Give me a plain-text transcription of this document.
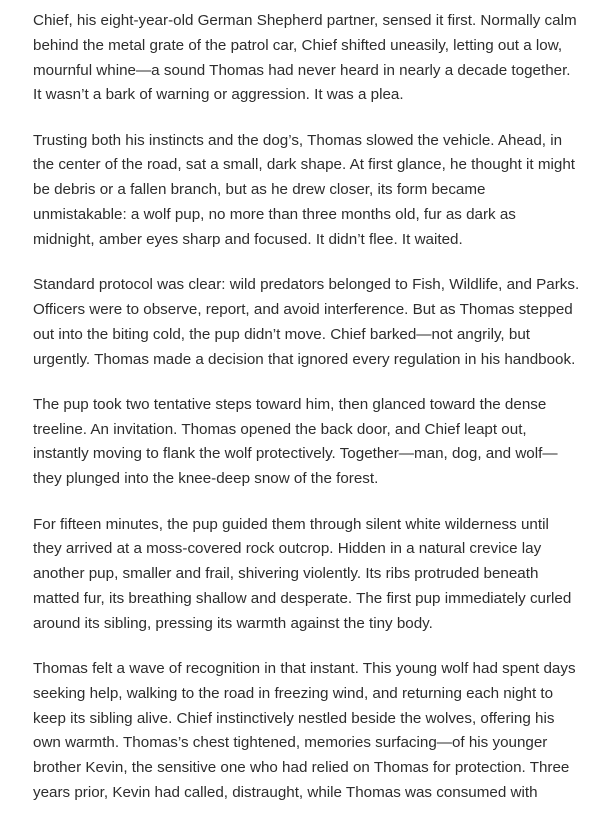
Chief, his eight-year-old German Shepherd partner, sensed it first. Normally calm behind the metal grate of the patrol car, Chief shifted uneasily, letting out a low, mournful whine—a sound Thomas had never heard in nearly a decade together. It wasn’t a bark of warning or aggression. It was a plea.

Trusting both his instincts and the dog’s, Thomas slowed the vehicle. Ahead, in the center of the road, sat a small, dark shape. At first glance, he thought it might be debris or a fallen branch, but as he drew closer, its form became unmistakable: a wolf pup, no more than three months old, fur as dark as midnight, amber eyes sharp and focused. It didn’t flee. It waited.

Standard protocol was clear: wild predators belonged to Fish, Wildlife, and Parks. Officers were to observe, report, and avoid interference. But as Thomas stepped out into the biting cold, the pup didn’t move. Chief barked—not angrily, but urgently. Thomas made a decision that ignored every regulation in his handbook.

The pup took two tentative steps toward him, then glanced toward the dense treeline. An invitation. Thomas opened the back door, and Chief leapt out, instantly moving to flank the wolf protectively. Together—man, dog, and wolf—they plunged into the knee-deep snow of the forest.

For fifteen minutes, the pup guided them through silent white wilderness until they arrived at a moss-covered rock outcrop. Hidden in a natural crevice lay another pup, smaller and frail, shivering violently. Its ribs protruded beneath matted fur, its breathing shallow and desperate. The first pup immediately curled around its sibling, pressing its warmth against the tiny body.

Thomas felt a wave of recognition in that instant. This young wolf had spent days seeking help, walking to the road in freezing wind, and returning each night to keep its sibling alive. Chief instinctively nestled beside the wolves, offering his own warmth. Thomas’s chest tightened, memories surfacing—of his younger brother Kevin, the sensitive one who had relied on Thomas for protection. Three years prior, Kevin had called, distraught, while Thomas was consumed with
